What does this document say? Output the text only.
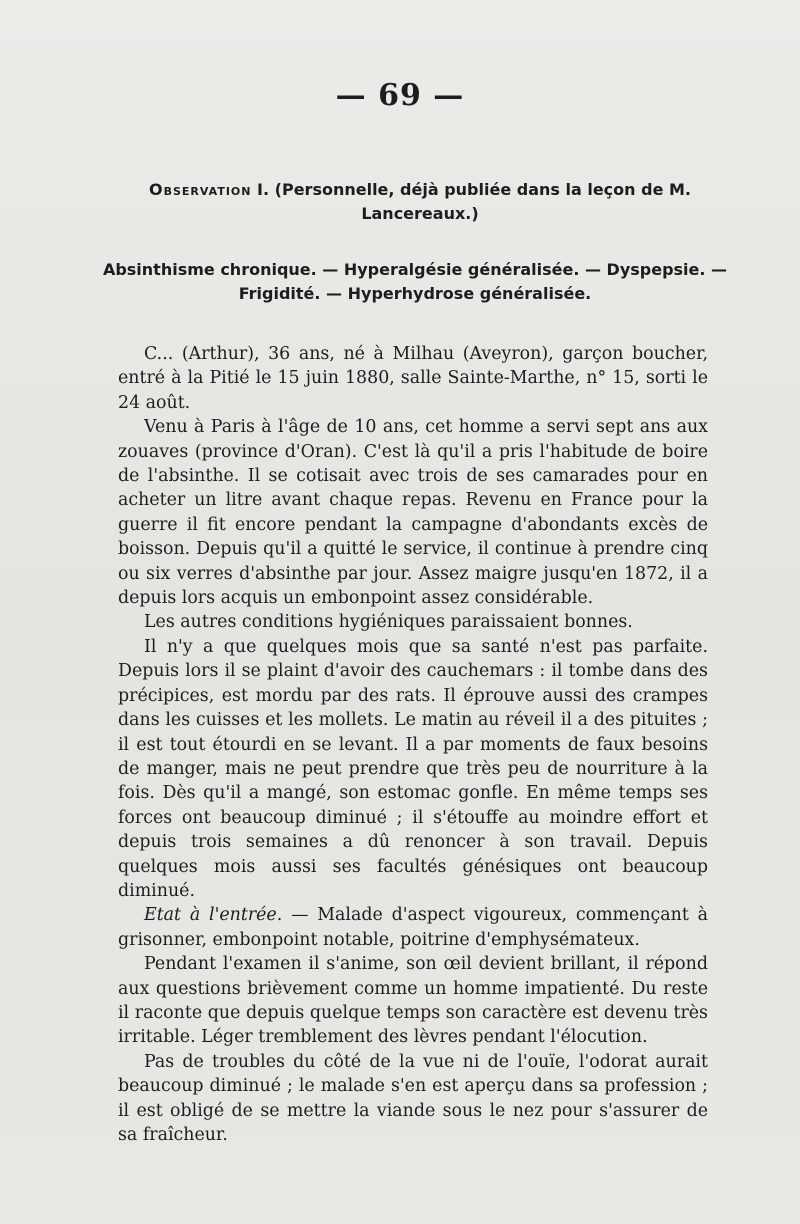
— 69 —
Observation I. (Personnelle, déjà publiée dans la leçon de M. Lancereaux.)
Absinthisme chronique. — Hyperalgésie généralisée. — Dyspepsie. — Frigidité. — Hyperhydrose généralisée.

C... (Arthur), 36 ans, né à Milhau (Aveyron), garçon boucher, entré à la Pitié le 15 juin 1880, salle Sainte-Marthe, n° 15, sorti le 24 août.

Venu à Paris à l'âge de 10 ans, cet homme a servi sept ans aux zouaves (province d'Oran). C'est là qu'il a pris l'habitude de boire de l'absinthe. Il se cotisait avec trois de ses camarades pour en acheter un litre avant chaque repas. Revenu en France pour la guerre il fit encore pendant la campagne d'abondants excès de boisson. Depuis qu'il a quitté le service, il continue à prendre cinq ou six verres d'absinthe par jour. Assez maigre jusqu'en 1872, il a depuis lors acquis un embonpoint assez considérable.

Les autres conditions hygiéniques paraissaient bonnes.

Il n'y a que quelques mois que sa santé n'est pas parfaite. Depuis lors il se plaint d'avoir des cauchemars : il tombe dans des précipices, est mordu par des rats. Il éprouve aussi des crampes dans les cuisses et les mollets. Le matin au réveil il a des pituites ; il est tout étourdi en se levant. Il a par moments de faux besoins de manger, mais ne peut prendre que très peu de nourriture à la fois. Dès qu'il a mangé, son estomac gonfle. En même temps ses forces ont beaucoup diminué ; il s'étouffe au moindre effort et depuis trois semaines a dû renoncer à son travail. Depuis quelques mois aussi ses facultés génésiques ont beaucoup diminué.

Etat à l'entrée. — Malade d'aspect vigoureux, commençant à grisonner, embonpoint notable, poitrine d'emphysémateux.

Pendant l'examen il s'anime, son œil devient brillant, il répond aux questions brièvement comme un homme impatienté. Du reste il raconte que depuis quelque temps son caractère est devenu très irritable. Léger tremblement des lèvres pendant l'élocution.

Pas de troubles du côté de la vue ni de l'ouïe, l'odorat aurait beaucoup diminué ; le malade s'en est aperçu dans sa profession ; il est obligé de se mettre la viande sous le nez pour s'assurer de sa fraîcheur.
